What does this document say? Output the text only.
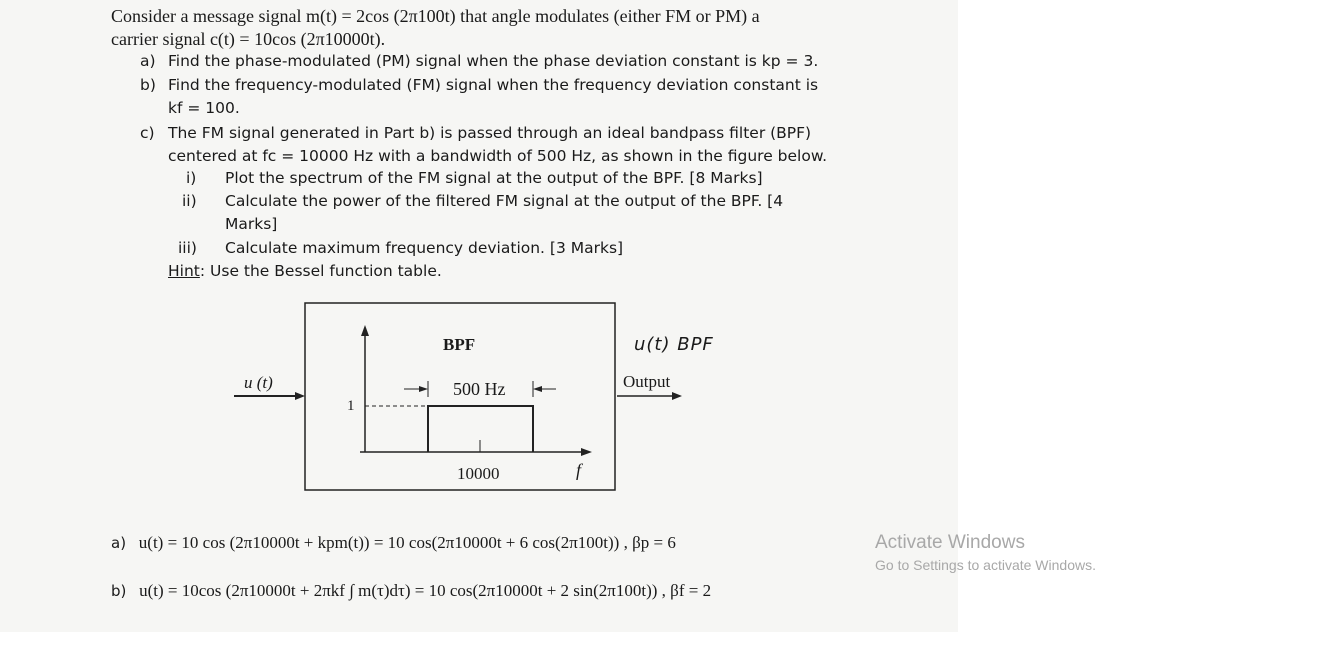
Consider a message signal m(t) = 2cos (2π100t) that angle modulates (either FM or PM) a
carrier signal c(t) = 10cos (2π10000t).
a) Find the phase-modulated (PM) signal when the phase deviation constant is kp = 3.
b) Find the frequency-modulated (FM) signal when the frequency deviation constant is
kf = 100.
c) The FM signal generated in Part b) is passed through an ideal bandpass filter (BPF)
centered at fc = 10000 Hz with a bandwidth of 500 Hz, as shown in the figure below.
i) Plot the spectrum of the FM signal at the output of the BPF. [8 Marks]
ii) Calculate the power of the filtered FM signal at the output of the BPF. [4
Marks]
iii) Calculate maximum frequency deviation. [3 Marks]
Hint: Use the Bessel function table.
BPF
u (t)	Output
u(t) BPF
500 Hz
1
10000	f
a) u(t) = 10 cos (2π10000t + kpm(t)) = 10 cos(2π10000t + 6 cos(2π100t)) , βp = 6
b) u(t) = 10cos (2π10000t + 2πkf ∫ m(τ)dτ) = 10 cos(2π10000t + 2 sin(2π100t)) , βf = 2
Activate Windows
Go to Settings to activate Windows.
